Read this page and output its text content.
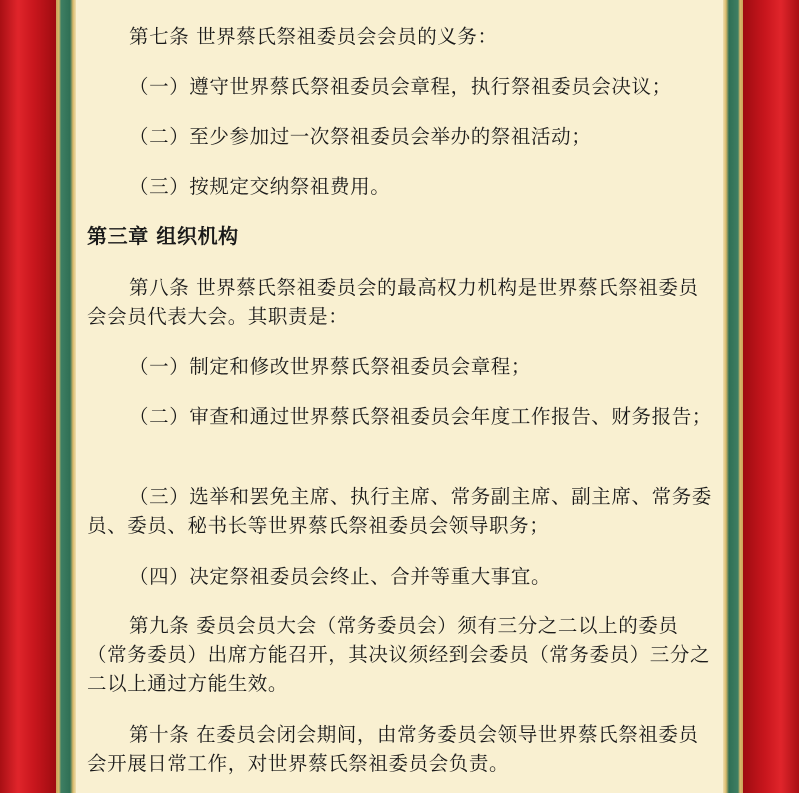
第七条 世界蔡氏祭祖委员会会员的义务：

（一）遵守世界蔡氏祭祖委员会章程，执行祭祖委员会决议；

（二）至少参加过一次祭祖委员会举办的祭祖活动；

（三）按规定交纳祭祖费用。

第三章 组织机构

第八条 世界蔡氏祭祖委员会的最高权力机构是世界蔡氏祭祖委员会会员代表大会。其职责是：

（一）制定和修改世界蔡氏祭祖委员会章程；

（二）审查和通过世界蔡氏祭祖委员会年度工作报告、财务报告；

（三）选举和罢免主席、执行主席、常务副主席、副主席、常务委员、委员、秘书长等世界蔡氏祭祖委员会领导职务；

（四）决定祭祖委员会终止、合并等重大事宜。

第九条 委员会员大会（常务委员会）须有三分之二以上的委员（常务委员）出席方能召开，其决议须经到会委员（常务委员）三分之二以上通过方能生效。

第十条 在委员会闭会期间，由常务委员会领导世界蔡氏祭祖委员会开展日常工作，对世界蔡氏祭祖委员会负责。
